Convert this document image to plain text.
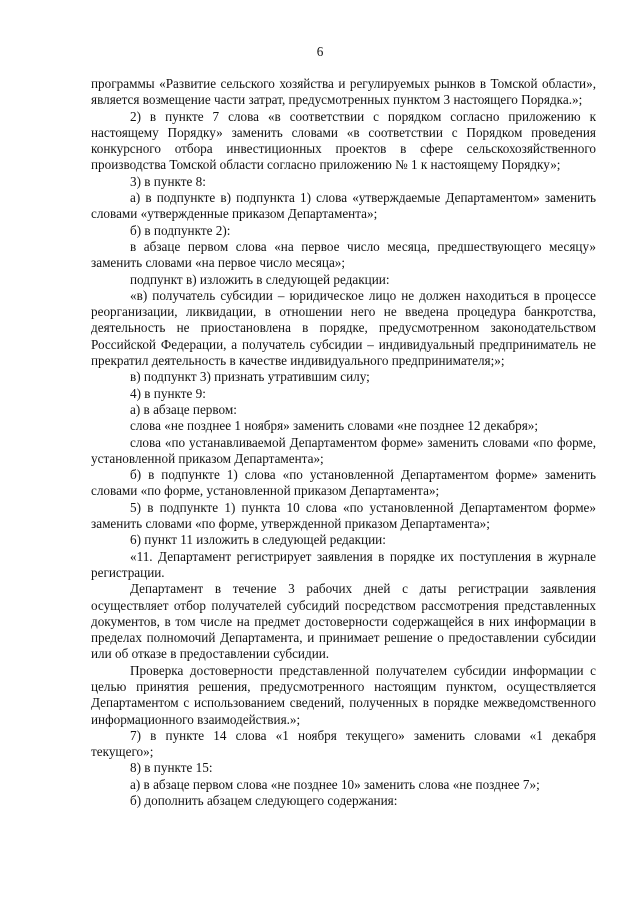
6

программы «Развитие сельского хозяйства и регулируемых рынков в Томской области», является возмещение части затрат, предусмотренных пунктом 3 настоящего Порядка.»;

2) в пункте 7 слова «в соответствии с порядком согласно приложению к настоящему Порядку» заменить словами «в соответствии с Порядком проведения конкурсного отбора инвестиционных проектов в сфере сельскохозяйственного производства Томской области согласно приложению № 1 к настоящему Порядку»;

3) в пункте 8:

а) в подпункте в) подпункта 1) слова «утверждаемые Департаментом» заменить словами «утвержденные приказом Департамента»;

б) в подпункте 2):

в абзаце первом слова «на первое число месяца, предшествующего месяцу» заменить словами «на первое число месяца»;

подпункт в) изложить в следующей редакции:

«в) получатель субсидии – юридическое лицо не должен находиться в процессе реорганизации, ликвидации, в отношении него не введена процедура банкротства, деятельность не приостановлена в порядке, предусмотренном законодательством Российской Федерации, а получатель субсидии – индивидуальный предприниматель не прекратил деятельность в качестве индивидуального предпринимателя;»;

в) подпункт 3) признать утратившим силу;

4) в пункте 9:

а) в абзаце первом:

слова «не позднее 1 ноября» заменить словами «не позднее 12 декабря»;

слова «по устанавливаемой Департаментом форме» заменить словами «по форме, установленной приказом Департамента»;

б) в подпункте 1) слова «по установленной Департаментом форме» заменить словами «по форме, установленной приказом Департамента»;

5) в подпункте 1) пункта 10 слова «по установленной Департаментом форме» заменить словами «по форме, утвержденной приказом Департамента»;

6) пункт 11 изложить в следующей редакции:

«11. Департамент регистрирует заявления в порядке их поступления в журнале регистрации.

Департамент в течение 3 рабочих дней с даты регистрации заявления осуществляет отбор получателей субсидий посредством рассмотрения представленных документов, в том числе на предмет достоверности содержащейся в них информации в пределах полномочий Департамента, и принимает решение о предоставлении субсидии или об отказе в предоставлении субсидии.

Проверка достоверности представленной получателем субсидии информации с целью принятия решения, предусмотренного настоящим пунктом, осуществляется Департаментом с использованием сведений, полученных в порядке межведомственного информационного взаимодействия.»;

7) в пункте 14 слова «1 ноября текущего» заменить словами «1 декабря текущего»;

8) в пункте 15:

а) в абзаце первом слова «не позднее 10» заменить слова «не позднее 7»;

б) дополнить абзацем следующего содержания:
